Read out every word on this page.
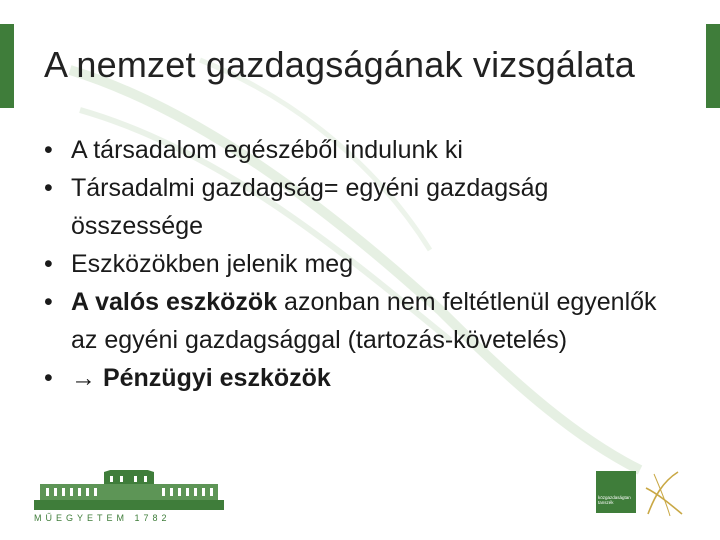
A nemzet gazdagságának vizsgálata
• A társadalom egészéből indulunk ki
• Társadalmi gazdagság= egyéni gazdagság összessége
• Eszközökben jelenik meg
• A valós eszközök azonban nem feltétlenül egyenlők az egyéni gazdagsággal (tartozás-követelés)
• → Pénzügyi eszközök
MŰEGYETEM 1782
közgazdaságtan
tanszék
